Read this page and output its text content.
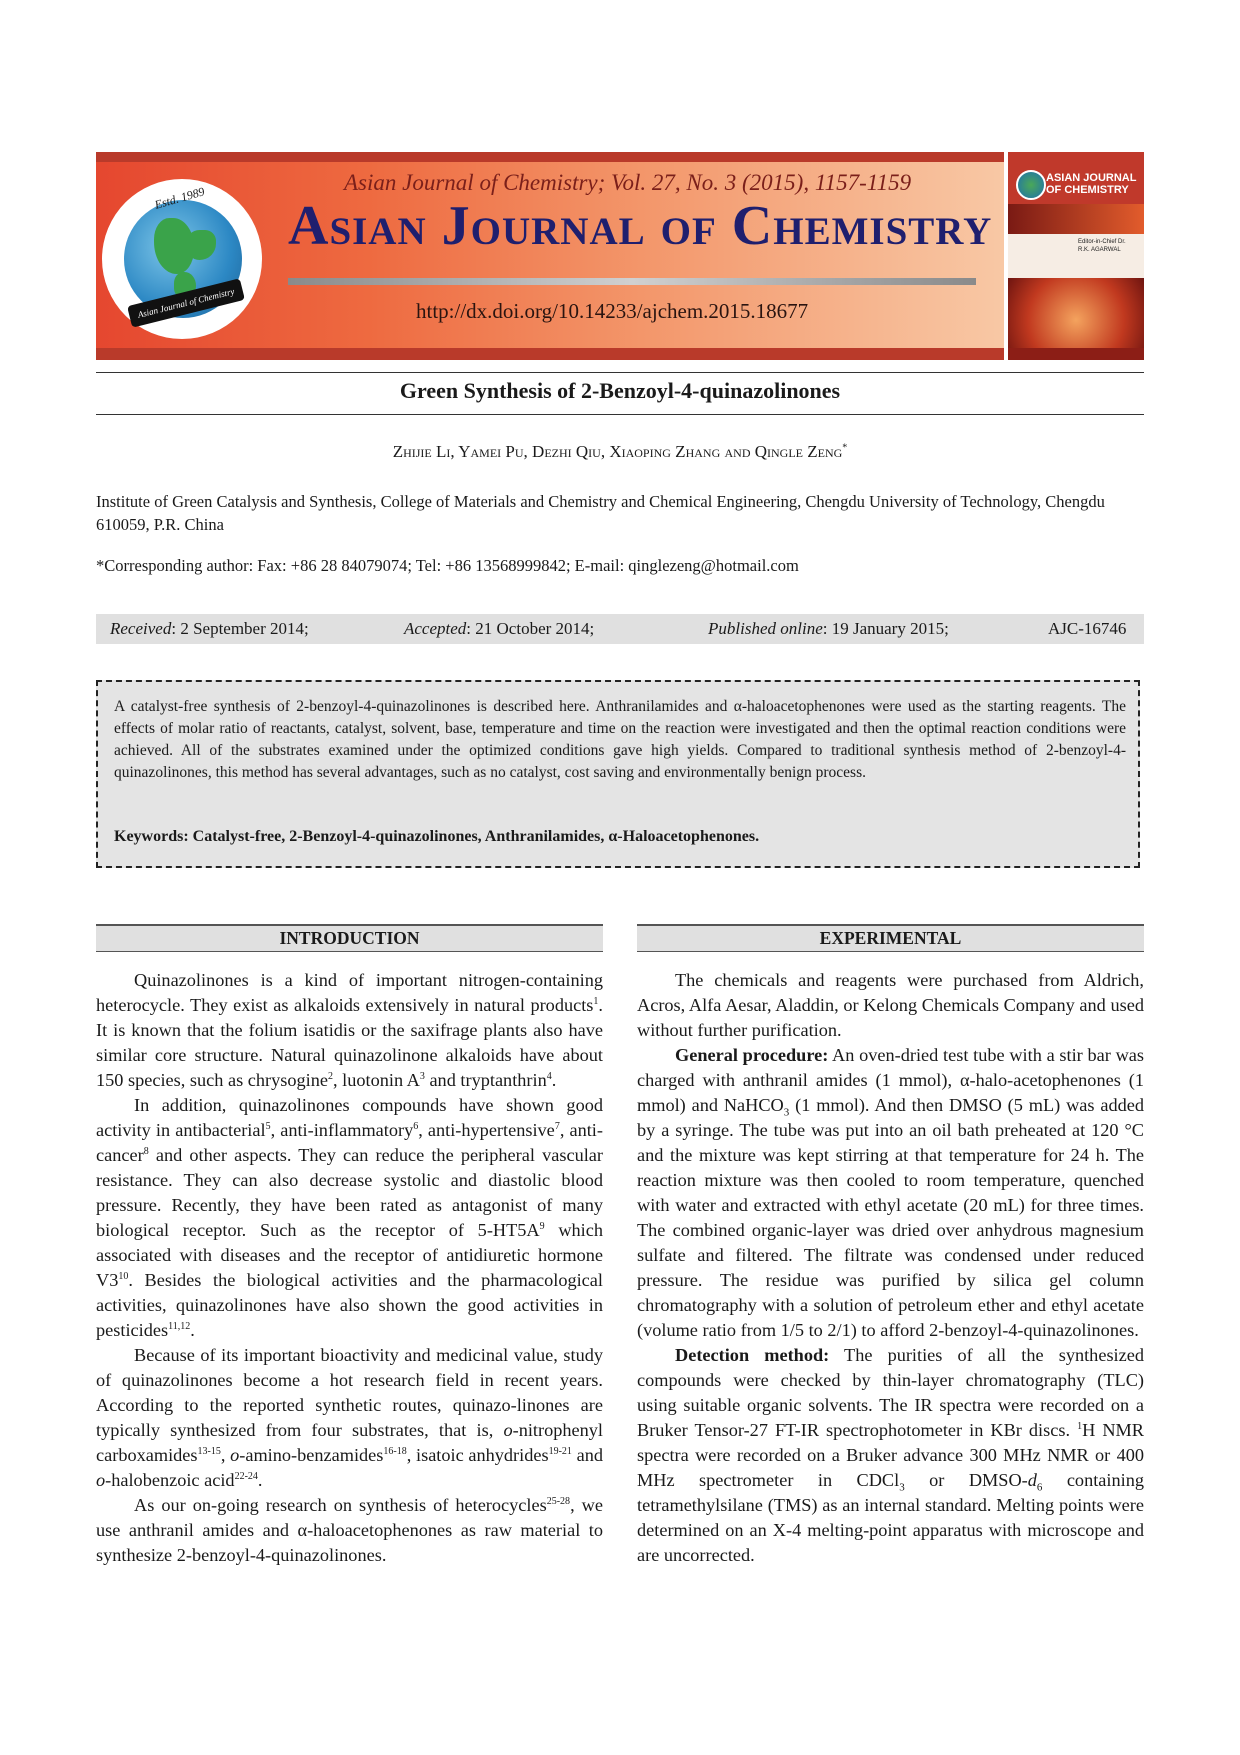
Estd. 1989
Asian Journal of Chemistry
Asian Journal of Chemistry; Vol. 27, No. 3 (2015), 1157-1159
Asian Journal of Chemistry
http://dx.doi.org/10.14233/ajchem.2015.18677
ASIAN JOURNAL OF CHEMISTRY
Editor-in-Chief Dr. R.K. AGARWAL
Green Synthesis of 2-Benzoyl-4-quinazolinones
Zhijie Li, Yamei Pu, Dezhi Qiu, Xiaoping Zhang and Qingle Zeng*
Institute of Green Catalysis and Synthesis, College of Materials and Chemistry and Chemical Engineering, Chengdu University of Technology, Chengdu 610059, P.R. China
*Corresponding author: Fax: +86 28 84079074; Tel: +86 13568999842; E-mail: qinglezeng@hotmail.com
Received: 2 September 2014;	Accepted: 21 October 2014;	Published online: 19 January 2015;	AJC-16746
A catalyst-free synthesis of 2-benzoyl-4-quinazolinones is described here. Anthranilamides and α-haloacetophenones were used as the starting reagents. The effects of molar ratio of reactants, catalyst, solvent, base, temperature and time on the reaction were investigated and then the optimal reaction conditions were achieved. All of the substrates examined under the optimized conditions gave high yields. Compared to traditional synthesis method of 2-benzoyl-4-quinazolinones, this method has several advantages, such as no catalyst, cost saving and environmentally benign process.
Keywords: Catalyst-free, 2-Benzoyl-4-quinazolinones, Anthranilamides, α-Haloacetophenones.
INTRODUCTION	EXPERIMENTAL

Quinazolinones is a kind of important nitrogen-containing heterocycle. They exist as alkaloids extensively in natural products$^1$. It is known that the folium isatidis or the saxifrage plants also have similar core structure. Natural quinazolinone alkaloids have about 150 species, such as chrysogine$^2$, luotonin $A^3$ and tryptanthrin$^4$.

In addition, quinazolinones compounds have shown good activity in antibacterial$^5$, anti-inflammatory$^6$, anti-hypertensive$^7$, anti-cancer$^8$ and other aspects. They can reduce the peripheral vascular resistance. They can also decrease systolic and diastolic blood pressure. Recently, they have been rated as antagonist of many biological receptor. Such as the receptor of $5-HT5A^9$ which associated with diseases and the receptor of antidiuretic hormone $V3^{10}$. Besides the biological activities and the pharmacological activities, quinazolinones have also shown the good activities in pesticides$^{11,12}$.

Because of its important bioactivity and medicinal value, study of quinazolinones become a hot research field in recent years. According to the reported synthetic routes, quinazo-linones are typically synthesized from four substrates, that is, o-nitrophenyl carboxamides$^{13-15}$, o-amino-benzamides$^{16-18}$, isatoic anhydrides$^{19-21}$ and o-halobenzoic acid$^{22-24}$.

As our on-going research on synthesis of heterocycles$^{25-28}$, we use anthranil amides and α-haloacetophenones as raw material to synthesize 2-benzoyl-4-quinazolinones.

The chemicals and reagents were purchased from Aldrich, Acros, Alfa Aesar, Aladdin, or Kelong Chemicals Company and used without further purification.

General procedure: An oven-dried test tube with a stir bar was charged with anthranil amides (1 mmol), α-halo-acetophenones (1 mmol) and NaHCO$_3$ (1 mmol). And then DMSO (5 mL) was added by a syringe. The tube was put into an oil bath preheated at 120 °C and the mixture was kept stirring at that temperature for 24 h. The reaction mixture was then cooled to room temperature, quenched with water and extracted with ethyl acetate (20 mL) for three times. The combined organic-layer was dried over anhydrous magnesium sulfate and filtered. The filtrate was condensed under reduced pressure. The residue was purified by silica gel column chromatography with a solution of petroleum ether and ethyl acetate (volume ratio from 1/5 to 2/1) to afford 2-benzoyl-4-quinazolinones.

Detection method: The purities of all the synthesized compounds were checked by thin-layer chromatography (TLC) using suitable organic solvents. The IR spectra were recorded on a Bruker Tensor-27 FT-IR spectrophotometer in KBr discs. $^1$H NMR spectra were recorded on a Bruker advance 300 MHz NMR or 400 MHz spectrometer in CDCl$_3$ or DMSO-$d_6$ containing tetramethylsilane (TMS) as an internal standard. Melting points were determined on an X-4 melting-point apparatus with microscope and are uncorrected.
